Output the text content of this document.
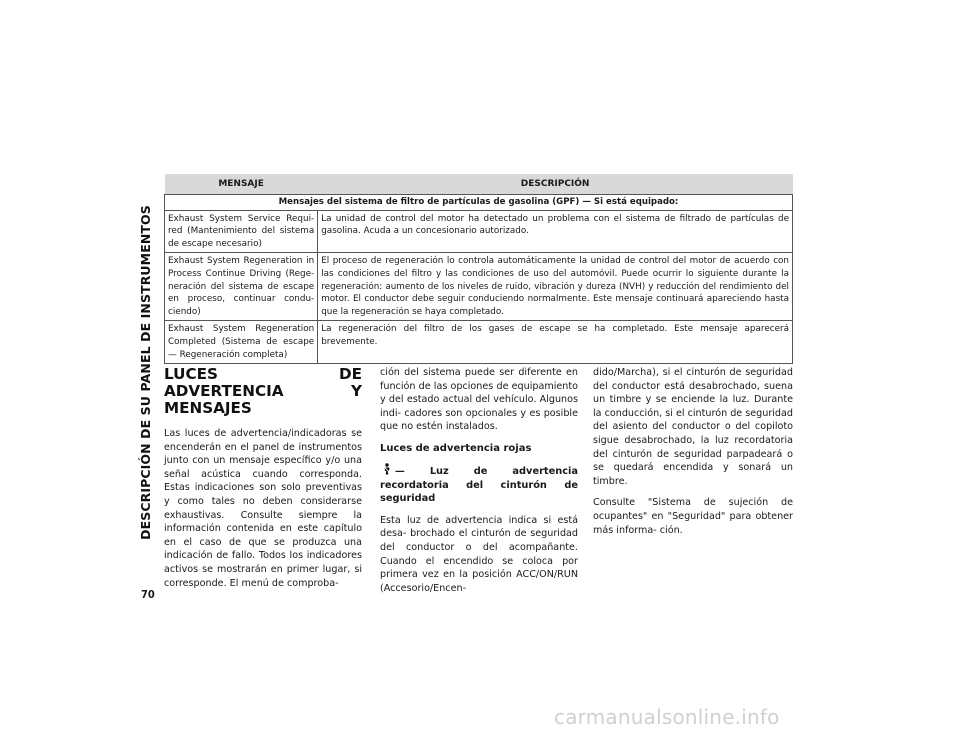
DESCRIPCIÓN DE SU PANEL DE INSTRUMENTOS
70
MENSAJE	DESCRIPCIÓN
Mensajes del sistema de filtro de partículas de gasolina (GPF) — Si está equipado:	
Exhaust System Service Requi- red (Mantenimiento del sistema de escape necesario)	La unidad de control del motor ha detectado un problema con el sistema de filtrado de partículas de gasolina. Acuda a un concesionario autorizado.
Exhaust System Regeneration in Process Continue Driving (Rege- neración del sistema de escape en proceso, continuar condu- ciendo)	El proceso de regeneración lo controla automáticamente la unidad de control del motor de acuerdo con las condiciones del filtro y las condiciones de uso del automóvil. Puede ocurrir lo siguiente durante la regeneración: aumento de los niveles de ruido, vibración y dureza (NVH) y reducción del rendimiento del motor. El conductor debe seguir conduciendo normalmente. Este mensaje continuará apareciendo hasta que la regeneración se haya completado.
Exhaust System Regeneration Completed (Sistema de escape — Regeneración completa)	La regeneración del filtro de los gases de escape se ha completado. Este mensaje aparecerá brevemente.
LUCES DE ADVERTENCIA Y MENSAJES

Las luces de advertencia/indicadoras se encenderán en el panel de instrumentos junto con un mensaje específico y/o una señal acústica cuando corresponda. Estas indicaciones son solo preventivas y como tales no deben considerarse exhaustivas. Consulte siempre la información contenida en este capítulo en el caso de que se produzca una indicación de fallo. Todos los indicadores activos se mostrarán en primer lugar, si corresponde. El menú de comproba-

ción del sistema puede ser diferente en función de las opciones de equipamiento y del estado actual del vehículo. Algunos indi- cadores son opcionales y es posible que no estén instalados.

Luces de advertencia rojas
— Luz de advertencia recordatoria del cinturón de seguridad

Esta luz de advertencia indica si está desa- brochado el cinturón de seguridad del conductor o del acompañante. Cuando el encendido se coloca por primera vez en la posición ACC/ON/RUN (Accesorio/Encen-

dido/Marcha), si el cinturón de seguridad del conductor está desabrochado, suena un timbre y se enciende la luz. Durante la conducción, si el cinturón de seguridad del asiento del conductor o del copiloto sigue desabrochado, la luz recordatoria del cinturón de seguridad parpadeará o se quedará encendida y sonará un timbre.

Consulte "Sistema de sujeción de ocupantes" en "Seguridad" para obtener más informa- ción.

carmanualsonline.info
